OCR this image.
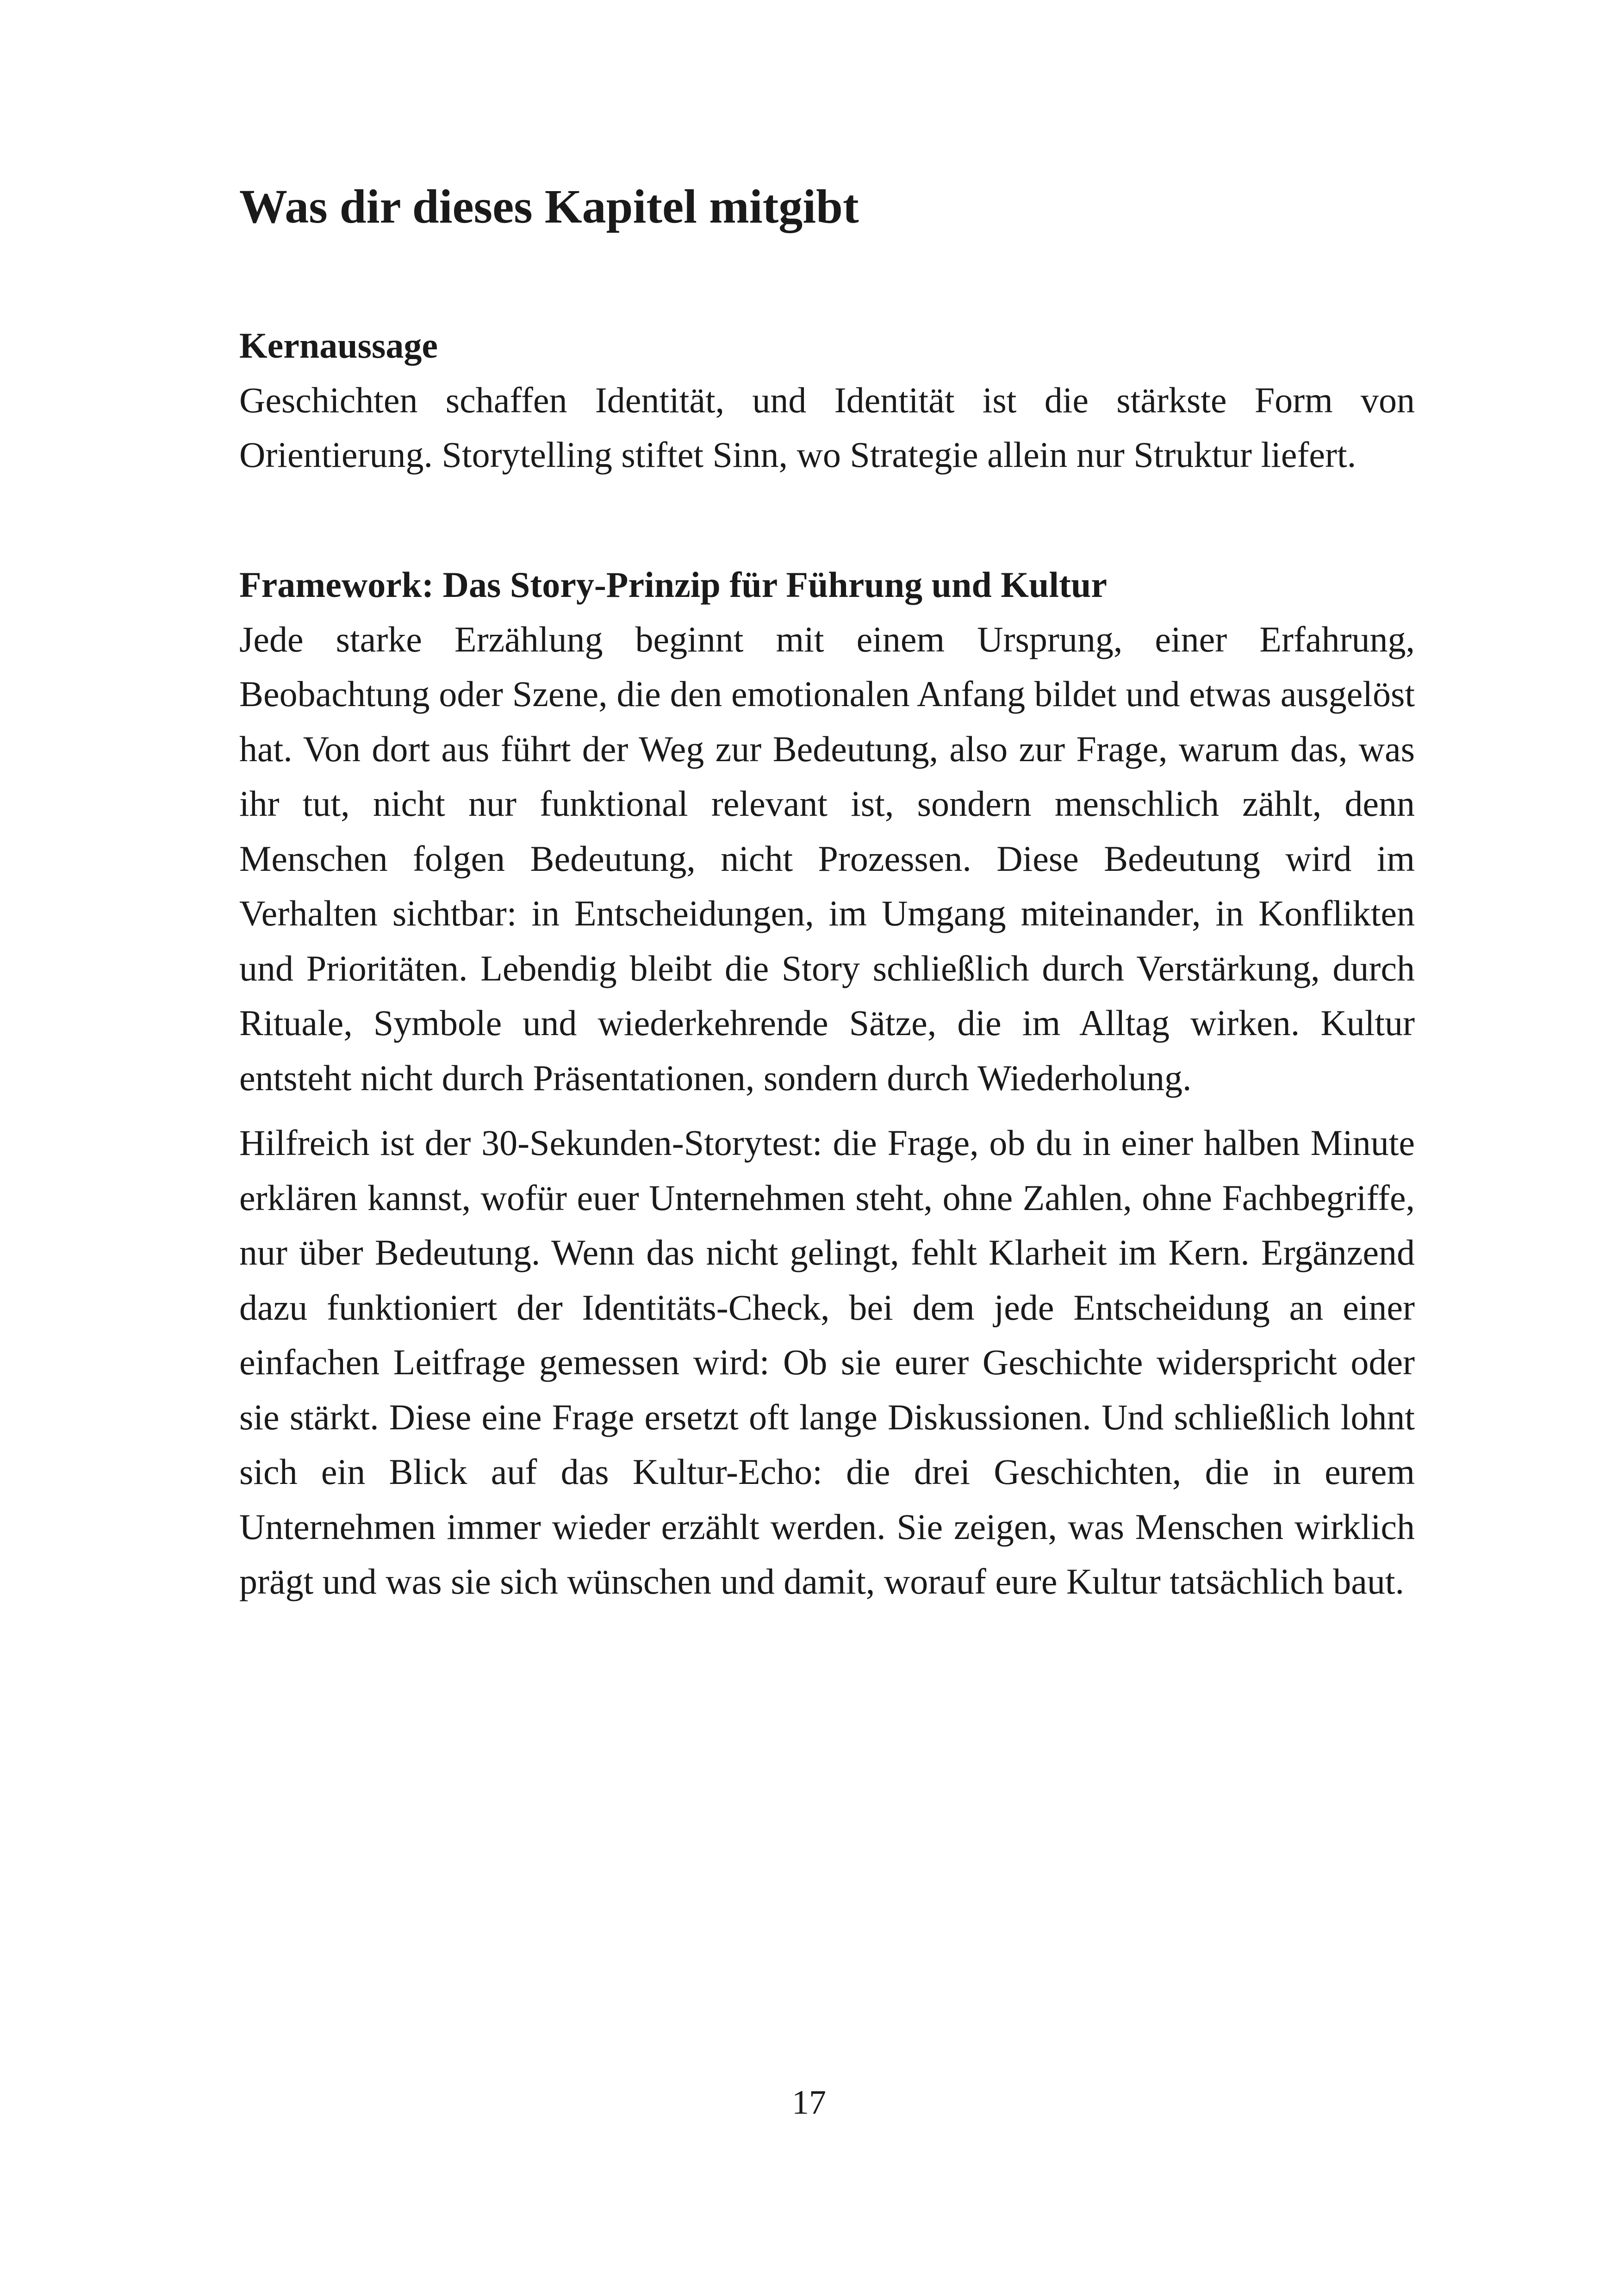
Was dir dieses Kapitel mitgibt
Kernaussage

Geschichten schaffen Identität, und Identität ist die stärkste Form von Orientierung. Storytelling stiftet Sinn, wo Strategie allein nur Struktur liefert.

Framework: Das Story-Prinzip für Führung und Kultur

Jede starke Erzählung beginnt mit einem Ursprung, einer Erfahrung, Beobachtung oder Szene, die den emotionalen Anfang bildet und etwas ausgelöst hat. Von dort aus führt der Weg zur Bedeutung, also zur Frage, warum das, was ihr tut, nicht nur funktional relevant ist, sondern menschlich zählt, denn Menschen folgen Bedeutung, nicht Prozessen. Diese Bedeutung wird im Verhalten sichtbar: in Entscheidungen, im Umgang miteinander, in Konflikten und Prioritäten. Lebendig bleibt die Story schließlich durch Verstärkung, durch Rituale, Symbole und wiederkehrende Sätze, die im Alltag wirken. Kultur entsteht nicht durch Präsentationen, sondern durch Wiederholung.

Hilfreich ist der 30-Sekunden-Storytest: die Frage, ob du in einer halben Minute erklären kannst, wofür euer Unternehmen steht, ohne Zahlen, ohne Fachbegriffe, nur über Bedeutung. Wenn das nicht gelingt, fehlt Klarheit im Kern. Ergänzend dazu funktioniert der Identitäts-Check, bei dem jede Entscheidung an einer einfachen Leitfrage gemessen wird: Ob sie eurer Geschichte widerspricht oder sie stärkt. Diese eine Frage ersetzt oft lange Diskussionen. Und schließlich lohnt sich ein Blick auf das Kultur-Echo: die drei Geschichten, die in eurem Unternehmen immer wieder erzählt werden. Sie zeigen, was Menschen wirklich prägt und was sie sich wünschen und damit, worauf eure Kultur tatsächlich baut.

17
